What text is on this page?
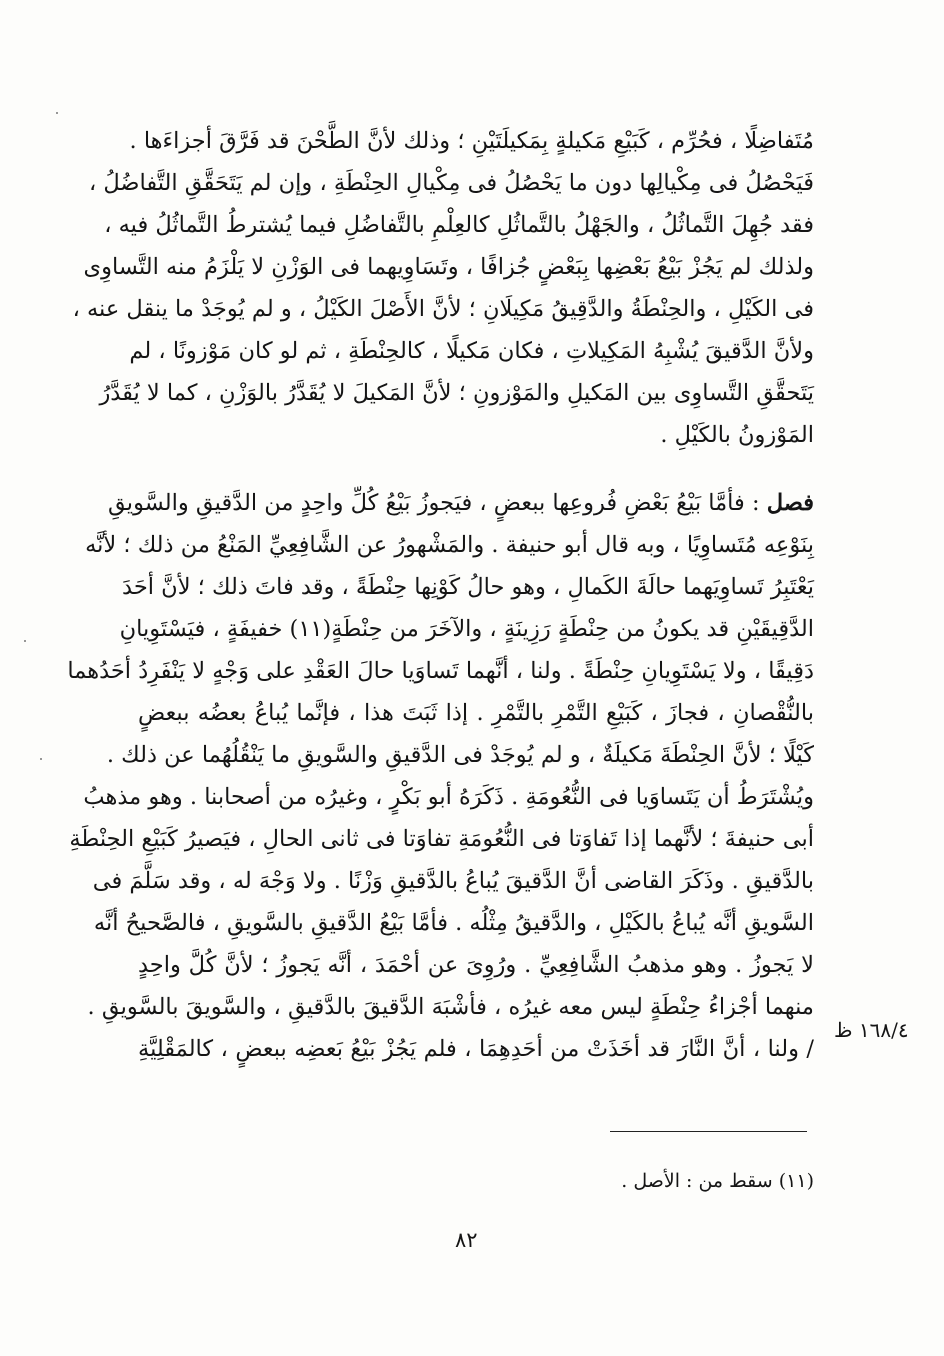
مُتَفاضِلًا ، فحُرِّم ، كَبَيْعِ مَكيلةٍ بِمَكيلَتَيْنِ ؛ وذلك لأنَّ الطَّحْنَ قد فَرَّقَ أجزاءَها .
فَيَحْصُلُ فى مِكْيالِها دون ما يَحْصُلُ فى مِكْيالِ الحِنْطَةِ ، وإن لم يَتَحَقَّقِ التَّفاضُلُ ،
فقد جُهِلَ التَّماثُلُ ، والجَهْلُ بالتَّماثُلِ كالعِلْمِ بالتَّفاضُلِ فيما يُشترطُ التَّماثُلُ فيه ،
ولذلك لم يَجُزْ بَيْعُ بَعْضِها بِبَعْضٍ جُزافًا ، وتَسَاوِيهما فى الوَزْنِ لا يَلْزَمُ منه التَّساوِى
فى الكَيْلِ ، والحِنْطَةُ والدَّقِيقُ مَكِيلَانِ ؛ لأنَّ الأَصْلَ الكَيْلُ ، و لم يُوجَدْ ما ينقل عنه ،
ولأنَّ الدَّقيقَ يُشْبِهُ المَكِيلاتِ ، فكان مَكيلًا ، كالحِنْطَةِ ، ثم لو كان مَوْزونًا ، لم
يَتَحقَّقِ التَّساوِى بين المَكيلِ والمَوْزونِ ؛ لأنَّ المَكيلَ لا يُقَدَّرُ بالوَزْنِ ، كما لا يُقَدَّرُ
المَوْزونُ بالكَيْلِ .
فصل : فأمَّا بَيْعُ بَعْضِ فُروعِها ببعضٍ ، فيَجوزُ بَيْعُ كُلِّ واحِدٍ من الدَّقيقِ والسَّويقِ
بِنَوْعِه مُتَساوِيًا ، وبه قال أبو حنيفة . والمَشْهورُ عن الشَّافِعِيِّ المَنْعُ من ذلك ؛ لأنَّه
يَعْتَبِرُ تَساوِيَهما حالَةَ الكَمالِ ، وهو حالُ كَوْنِها حِنْطَةً ، وقد فاتَ ذلك ؛ لأنَّ أحَدَ
الدَّقِيقَيْنِ قد يكونُ من حِنْطَةٍ رَزِينَةٍ ، والآخَرَ من حِنْطَةٍ(١١) خفيفَةٍ ، فيَسْتَوِيانِ
دَقِيقًا ، ولا يَسْتَوِيانِ حِنْطَةً . ولنا ، أنَّهما تَساوَيا حالَ العَقْدِ على وَجْهٍ لا يَنْفَرِدُ أحَدُهما
بالنُّقْصانِ ، فجازَ ، كَبَيْعِ التَّمْرِ بالتَّمْرِ . إذا ثَبَتَ هذا ، فإنَّما يُباعُ بعضُه ببعضٍ
كَيْلًا ؛ لأنَّ الحِنْطَةَ مَكيلَةٌ ، و لم يُوجَدْ فى الدَّقيقِ والسَّويقِ ما يَنْقُلُهُما عن ذلك .
ويُشْتَرَطُ أن يَتَساوَيا فى النُّعُومَةِ . ذَكَرَهُ أبو بَكْرٍ ، وغيرُه من أصحابنا . وهو مذهبُ
أبى حنيفةَ ؛ لأنَّهما إذا تَفاوَتا فى النُّعُومَةِ تفاوَتا فى ثانى الحالِ ، فيَصيرُ كَبَيْعِ الحِنْطَةِ
بالدَّقيقِ . وذَكَرَ القاضى أنَّ الدَّقيقَ يُباعُ بالدَّقيقِ وَزْنًا . ولا وَجْهَ له ، وقد سَلَّمَ فى
السَّويقِ أنَّه يُباعُ بالكَيْلِ ، والدَّقيقُ مِثْلُه . فأمَّا بَيْعُ الدَّقيقِ بالسَّويقِ ، فالصَّحيحُ أنَّه
لا يَجوزُ . وهو مذهبُ الشَّافِعِيِّ . ورُوِىَ عن أحْمَدَ ، أنَّه يَجوزُ ؛ لأنَّ كُلَّ واحِدٍ
منهما أجْزاءُ حِنْطَةٍ ليس معه غيرُه ، فأشْبَهَ الدَّقيقَ بالدَّقيقِ ، والسَّويقَ بالسَّويقِ .
/ ولنا ، أنَّ النَّارَ قد أخَذَتْ من أحَدِهِمَا ، فلم يَجُزْ بَيْعُ بَعضِه ببعضٍ ، كالمَقْلِيَّةِ
١٦٨/٤ ظ
(١١) سقط من : الأصل .
٨٢
